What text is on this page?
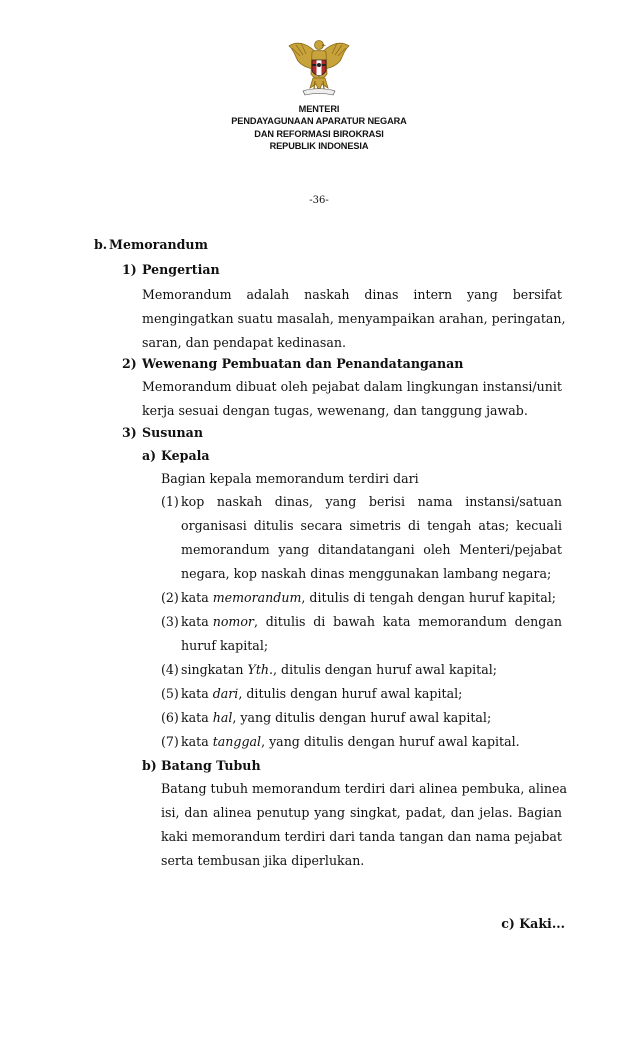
MENTERI
PENDAYAGUNAAN APARATUR NEGARA
DAN REFORMASI BIROKRASI
REPUBLIK INDONESIA
-36-
b. Memorandum
1) Pengertian
Memorandum adalah naskah dinas intern yang bersifat
mengingatkan suatu masalah, menyampaikan arahan, peringatan,
saran, dan pendapat kedinasan.
2) Wewenang Pembuatan dan Penandatanganan
Memorandum dibuat oleh pejabat dalam lingkungan instansi/unit
kerja sesuai dengan tugas, wewenang, dan tanggung jawab.
3) Susunan
a) Kepala
Bagian kepala memorandum terdiri dari
(1) kop naskah dinas, yang berisi nama instansi/satuan
organisasi ditulis secara simetris di tengah atas; kecuali
memorandum yang ditandatangani oleh Menteri/pejabat
negara, kop naskah dinas menggunakan lambang negara;
(2) kata memorandum, ditulis di tengah dengan huruf kapital;
(3) kata nomor, ditulis di bawah kata memorandum dengan
huruf kapital;
(4) singkatan Yth., ditulis dengan huruf awal kapital;
(5) kata dari, ditulis dengan huruf awal kapital;
(6) kata hal, yang ditulis dengan huruf awal kapital;
(7) kata tanggal, yang ditulis dengan huruf awal kapital.
b) Batang Tubuh
Batang tubuh memorandum terdiri dari alinea pembuka, alinea
isi, dan alinea penutup yang singkat, padat, dan jelas. Bagian
kaki memorandum terdiri dari tanda tangan dan nama pejabat
serta tembusan jika diperlukan.
c) Kaki...
